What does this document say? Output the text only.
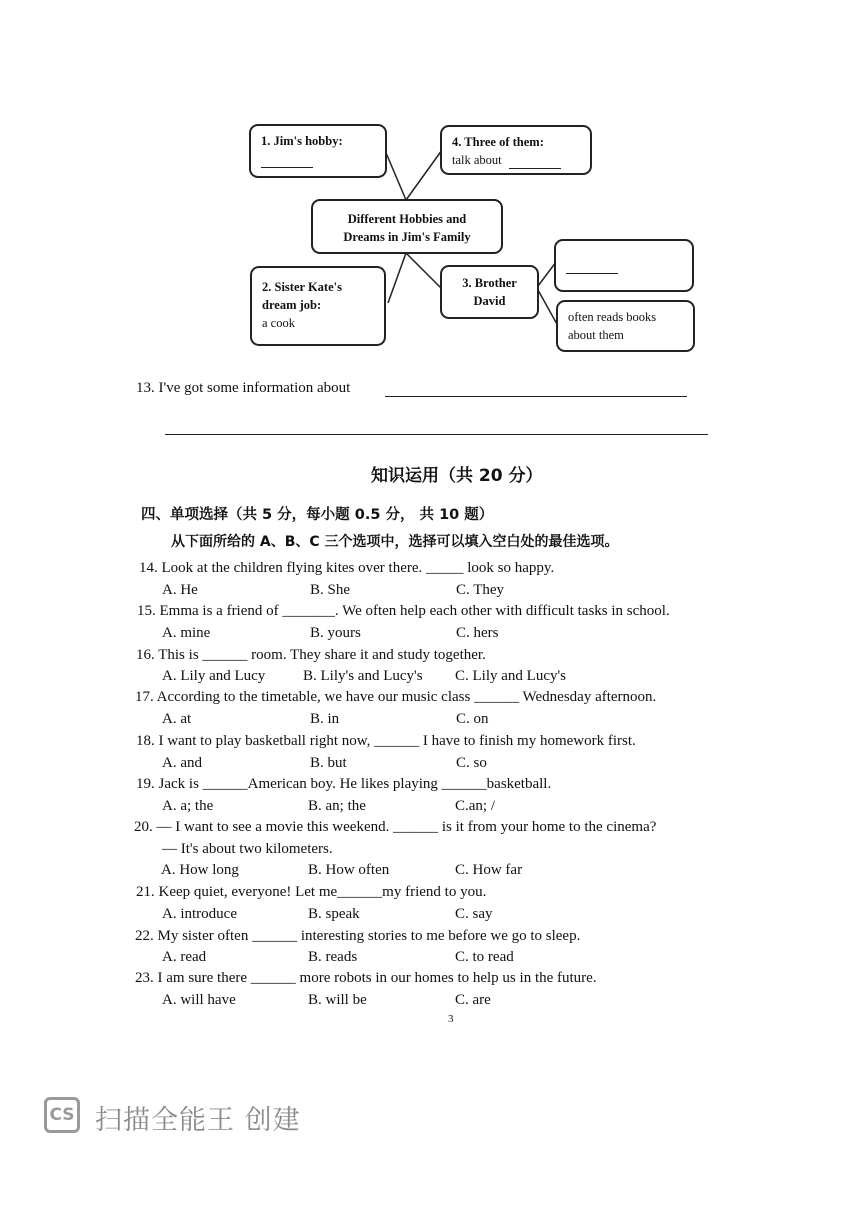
1. Jim's hobby:	4. Three of them:
talk about
Different Hobbies and
Dreams in Jim's Family
2. Sister Kate's
dream job:
a cook
3. Brother
David
often reads books
about them
13. I've got some information about
知识运用（共 20 分）
四、单项选择（共 5 分，每小题 0.5 分， 共 10 题）
从下面所给的 A、B、C 三个选项中，选择可以填入空白处的最佳选项。
14. Look at the children flying kites over there. _____ look so happy.
A. He	B. She	C. They
15. Emma is a friend of _______. We often help each other with difficult tasks in school.
A. mine	B. yours	C. hers
16. This is ______ room. They share it and study together.
A. Lily and Lucy	B. Lily's and Lucy's C. Lily and Lucy's
17. According to the timetable, we have our music class ______ Wednesday afternoon.
A. at	B. in	C. on
18. I want to play basketball right now, ______ I have to finish my homework first.
A. and	B. but	C. so
19. Jack is ______American boy. He likes playing ______basketball.
A. a; the	B. an; the	C.an; /
20. — I want to see a movie this weekend. ______ is it from your home to the cinema?
— It's about two kilometers.
A. How long	B. How often	C. How far
21. Keep quiet, everyone! Let me______my friend to you.
A. introduce	B. speak	C. say
22. My sister often ______ interesting stories to me before we go to sleep.
A. read	B. reads	C. to read
23. I am sure there ______ more robots in our homes to help us in the future.
A. will have	B. will be	C. are
3
CS 扫描全能王 创建
